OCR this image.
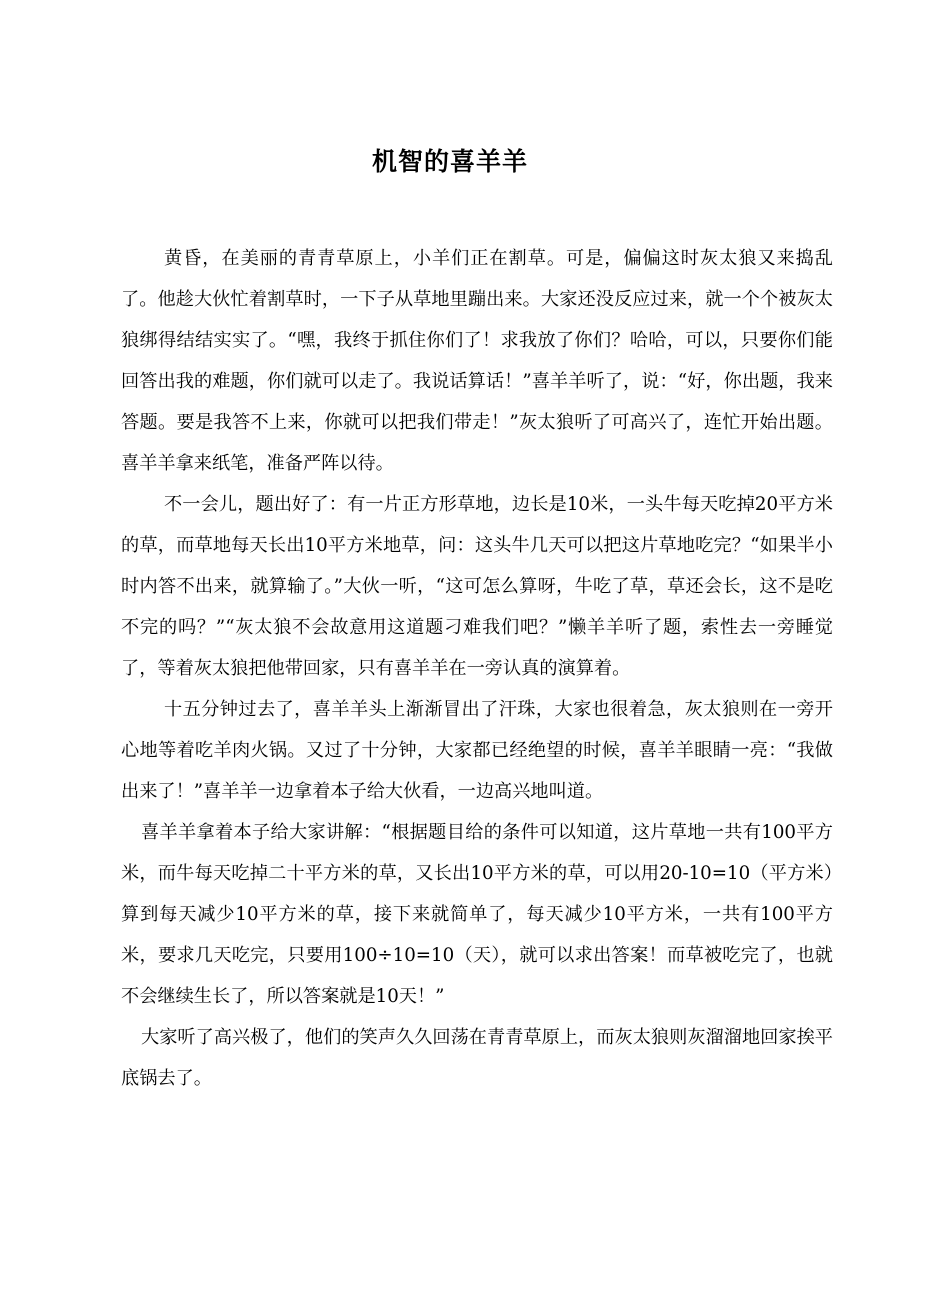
机智的喜羊羊

黄昏，在美丽的青青草原上，小羊们正在割草。可是，偏偏这时灰太狼又来捣乱了。他趁大伙忙着割草时，一下子从草地里蹦出来。大家还没反应过来，就一个个被灰太狼绑得结结实实了。“嘿，我终于抓住你们了！求我放了你们？哈哈，可以，只要你们能回答出我的难题，你们就可以走了。我说话算话！”喜羊羊听了，说：“好，你出题，我来答题。要是我答不上来，你就可以把我们带走！”灰太狼听了可高兴了，连忙开始出题。喜羊羊拿来纸笔，准备严阵以待。

不一会儿，题出好了：有一片正方形草地，边长是10米，一头牛每天吃掉20平方米的草，而草地每天长出10平方米地草，问：这头牛几天可以把这片草地吃完？“如果半小时内答不出来，就算输了。”大伙一听，“这可怎么算呀，牛吃了草，草还会长，这不是吃不完的吗？”“灰太狼不会故意用这道题刁难我们吧？”懒羊羊听了题，索性去一旁睡觉了，等着灰太狼把他带回家，只有喜羊羊在一旁认真的演算着。

十五分钟过去了，喜羊羊头上渐渐冒出了汗珠，大家也很着急，灰太狼则在一旁开心地等着吃羊肉火锅。又过了十分钟，大家都已经绝望的时候，喜羊羊眼睛一亮：“我做出来了！”喜羊羊一边拿着本子给大伙看，一边高兴地叫道。

喜羊羊拿着本子给大家讲解：“根据题目给的条件可以知道，这片草地一共有100平方米，而牛每天吃掉二十平方米的草，又长出10平方米的草，可以用20-10=10（平方米）算到每天减少10平方米的草，接下来就简单了，每天减少10平方米，一共有100平方米，要求几天吃完，只要用100÷10=10（天），就可以求出答案！而草被吃完了，也就不会继续生长了，所以答案就是10天！”

大家听了高兴极了，他们的笑声久久回荡在青青草原上，而灰太狼则灰溜溜地回家挨平底锅去了。
